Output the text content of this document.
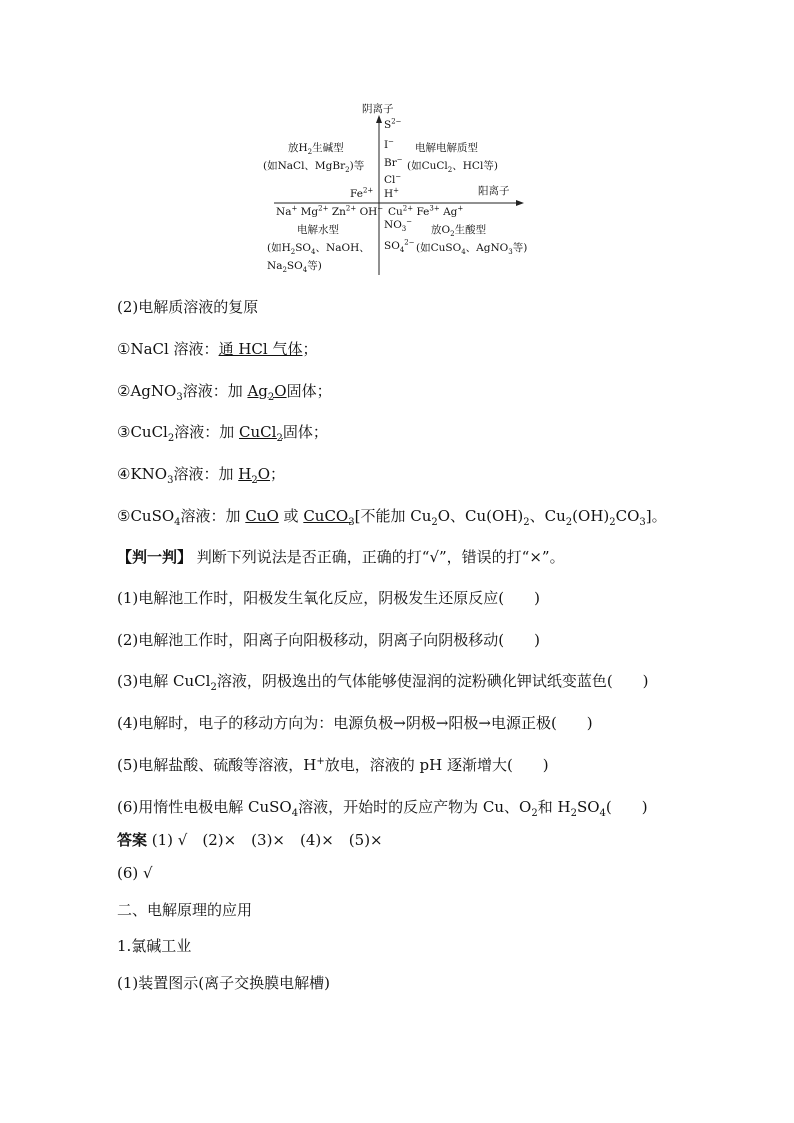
阴离子
阳离子
$S^{2-}$
I−
Br−
Cl−
$Fe^{2+}$ H+
Na+ $Mg^{2+}$ $Zn^{2+}$ OH− $Cu^{2+}$ $Fe^{3+}$ Ag+
$NO_3^-$
$SO_4^{2-}$
放$H_2$生碱型
(如NaCl、MgBr$_2$)等
电解电解质型
(如CuCl$_2$、HCl等)
电解水型
(如$H_2SO_4$、NaOH、
$Na_2SO_4$等)
放$O_2$生酸型
(如CuSO$_4$、AgNO$_3$等)
(2)电解质溶液的复原
①NaCl 溶液：通 HCl 气体；
②AgNO$_3$溶液：加 $Ag_2O$固体；
③CuCl$_2$溶液：加 CuCl$_2$固体；
$④KNO_3$溶液：加 $H_2O$；
⑤CuSO$_4$溶液：加 CuO 或 CuCO$_3$[不能加 $Cu_2O$、$Cu(OH)_2$、$Cu_2(OH)_2CO_3$]。
【判一判】 判断下列说法是否正确，正确的打“√”，错误的打“×”。
(1)电解池工作时，阳极发生氧化反应，阴极发生还原反应(　　)
(2)电解池工作时，阳离子向阳极移动，阴离子向阴极移动(　　)
(3)电解 CuCl$_2$溶液，阴极逸出的气体能够使湿润的淀粉碘化钾试纸变蓝色(　　)
(4)电解时，电子的移动方向为：电源负极→阴极→阳极→电源正极(　　)
(5)电解盐酸、硫酸等溶液，H+放电，溶液的 pH 逐渐增大(　　)
(6)用惰性电极电解 CuSO$_4$溶液，开始时的反应产物为 Cu、$O_2$和 $H_2SO_4$(　　)
答案 (1) √　(2)×　(3)×　(4)×　(5)×
(6) √
二、电解原理的应用
1.氯碱工业
(1)装置图示(离子交换膜电解槽)
